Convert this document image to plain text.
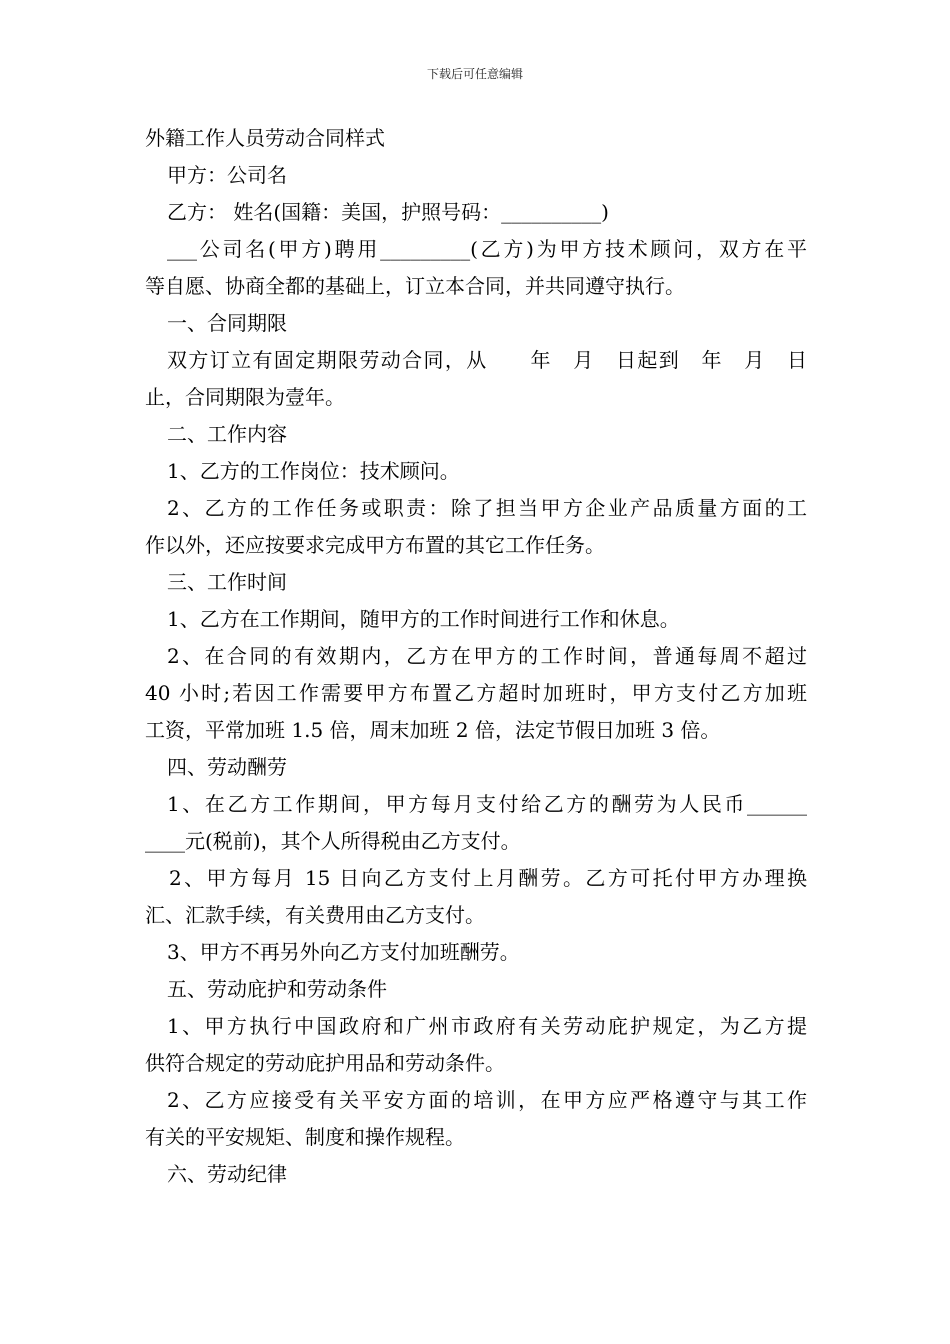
下载后可任意编辑
外籍工作人员劳动合同样式
甲方：公司名
乙方： 姓名(国籍：美国，护照号码：__________)
___公司名(甲方)聘用_________(乙方)为甲方技术顾问，双方在平
等自愿、协商全都的基础上，订立本合同，并共同遵守执行。
一、合同期限
双方订立有固定期限劳动合同，从　　年　月　日起到　年　月　日
止，合同期限为壹年。
二、工作内容
1、乙方的工作岗位：技术顾问。
2、乙方的工作任务或职责：除了担当甲方企业产品质量方面的工
作以外，还应按要求完成甲方布置的其它工作任务。
三、工作时间
1、乙方在工作期间，随甲方的工作时间进行工作和休息。
2、在合同的有效期内，乙方在甲方的工作时间，普通每周不超过
40 小时;若因工作需要甲方布置乙方超时加班时，甲方支付乙方加班
工资，平常加班 1.5 倍，周末加班 2 倍，法定节假日加班 3 倍。
四、劳动酬劳
1、在乙方工作期间，甲方每月支付给乙方的酬劳为人民币______
____元(税前)，其个人所得税由乙方支付。
2、甲方每月 15 日向乙方支付上月酬劳。乙方可托付甲方办理换
汇、汇款手续，有关费用由乙方支付。
3、甲方不再另外向乙方支付加班酬劳。
五、劳动庇护和劳动条件
1、甲方执行中国政府和广州市政府有关劳动庇护规定，为乙方提
供符合规定的劳动庇护用品和劳动条件。
2、乙方应接受有关平安方面的培训，在甲方应严格遵守与其工作
有关的平安规矩、制度和操作规程。
六、劳动纪律
